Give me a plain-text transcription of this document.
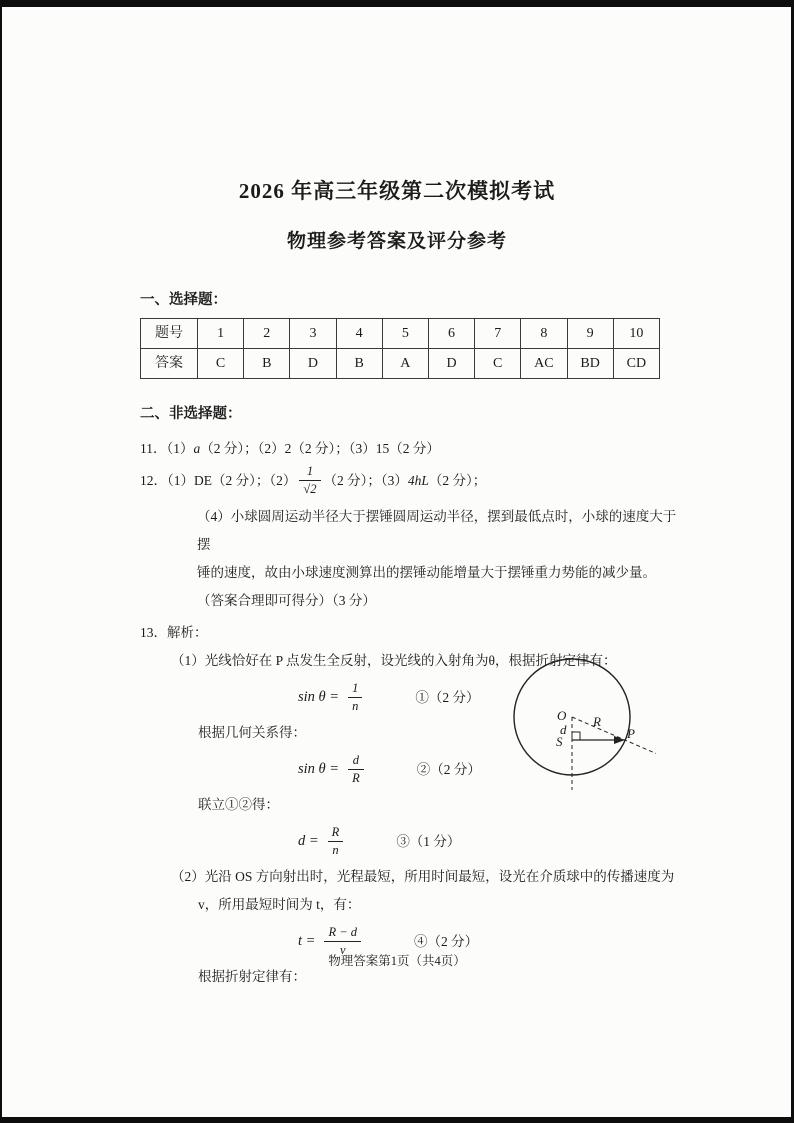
2026 年高三年级第二次模拟考试
物理参考答案及评分参考
一、选择题：
题号	1	2	3	4	5	6	7	8	9	10
答案	C	B	D	B	A	D	C	AC	BD	CD
二、非选择题：
11．（1）a（2 分）；（2）2（2 分）；（3）15（2 分）
12．（1）DE（2 分）；$(2) \frac{1}{√2} (2$ 分）；（3） 4hL （2 分）；
（4）小球圆周运动半径大于摆锤圆周运动半径，摆到最低点时，小球的速度大于摆
锤的速度，故由小球速度测算出的摆锤动能增量大于摆锤重力势能的减少量。
（答案合理即可得分）（3 分）
13．解析：
（1）光线恰好在 P 点发生全反射，设光线的入射角为θ，根据折射定律有：
$\sin \theta = \frac{1}{n}$	①（2 分）
根据几何关系得：
$\sin \theta = \frac{d}{R}$	②（2 分）
联立①②得：
$d = \frac{R}{n}$	③（1 分）
（2）光沿 OS 方向射出时，光程最短，所用时间最短，设光在介质球中的传播速度为
v，所用最短时间为 t，有：
$t = \frac{R - d}{v}$	④（2 分）
根据折射定律有：
O R
d
S
P
物理答案第1页（共4页）
